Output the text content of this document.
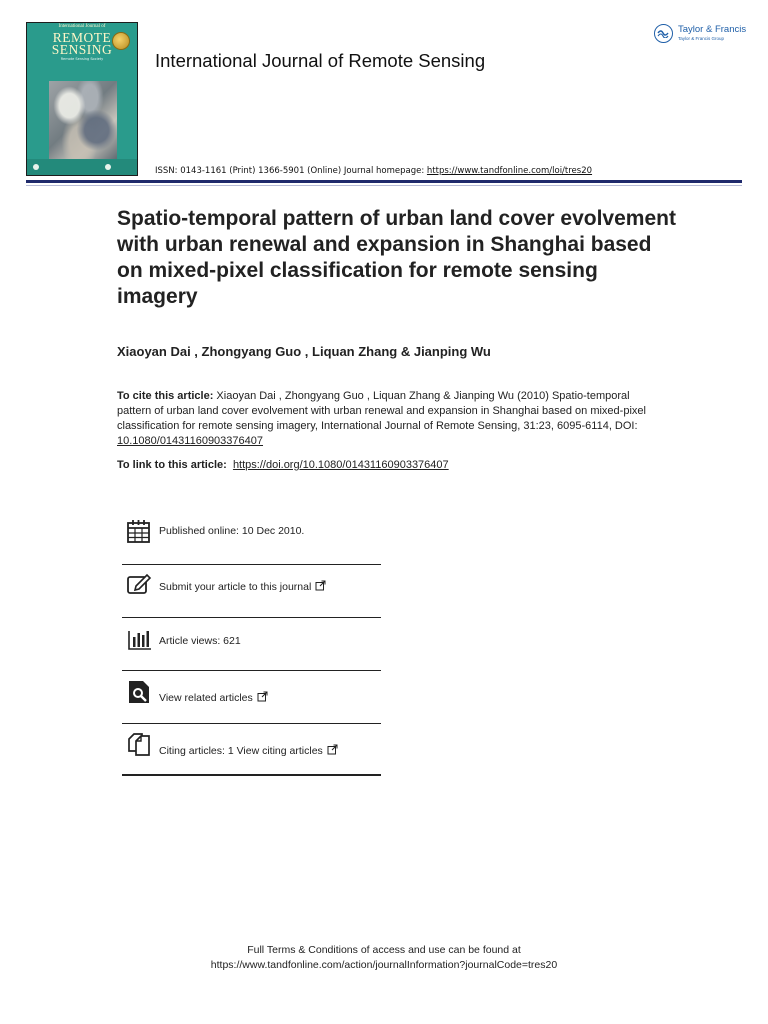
International Journal of
REMOTE
SENSING
Remote Sensing Society	International Journal of Remote Sensing
ISSN: 0143-1161 (Print) 1366-5901 (Online) Journal homepage: https://www.tandfonline.com/loi/tres20
Taylor & Francis
Taylor & Francis Group
Spatio-temporal pattern of urban land cover evolvement with urban renewal and expansion in Shanghai based on mixed-pixel classification for remote sensing imagery
Xiaoyan Dai , Zhongyang Guo , Liquan Zhang & Jianping Wu
To cite this article: Xiaoyan Dai , Zhongyang Guo , Liquan Zhang & Jianping Wu (2010) Spatio-temporal pattern of urban land cover evolvement with urban renewal and expansion in Shanghai based on mixed-pixel classification for remote sensing imagery, International Journal of Remote Sensing, 31:23, 6095-6114, DOI: 10.1080/01431160903376407
To link to this article:  https://doi.org/10.1080/01431160903376407
Published online: 10 Dec 2010.
Submit your article to this journal
Article views: 621
View related articles
Citing articles: 1 View citing articles
Full Terms & Conditions of access and use can be found at
https://www.tandfonline.com/action/journalInformation?journalCode=tres20
